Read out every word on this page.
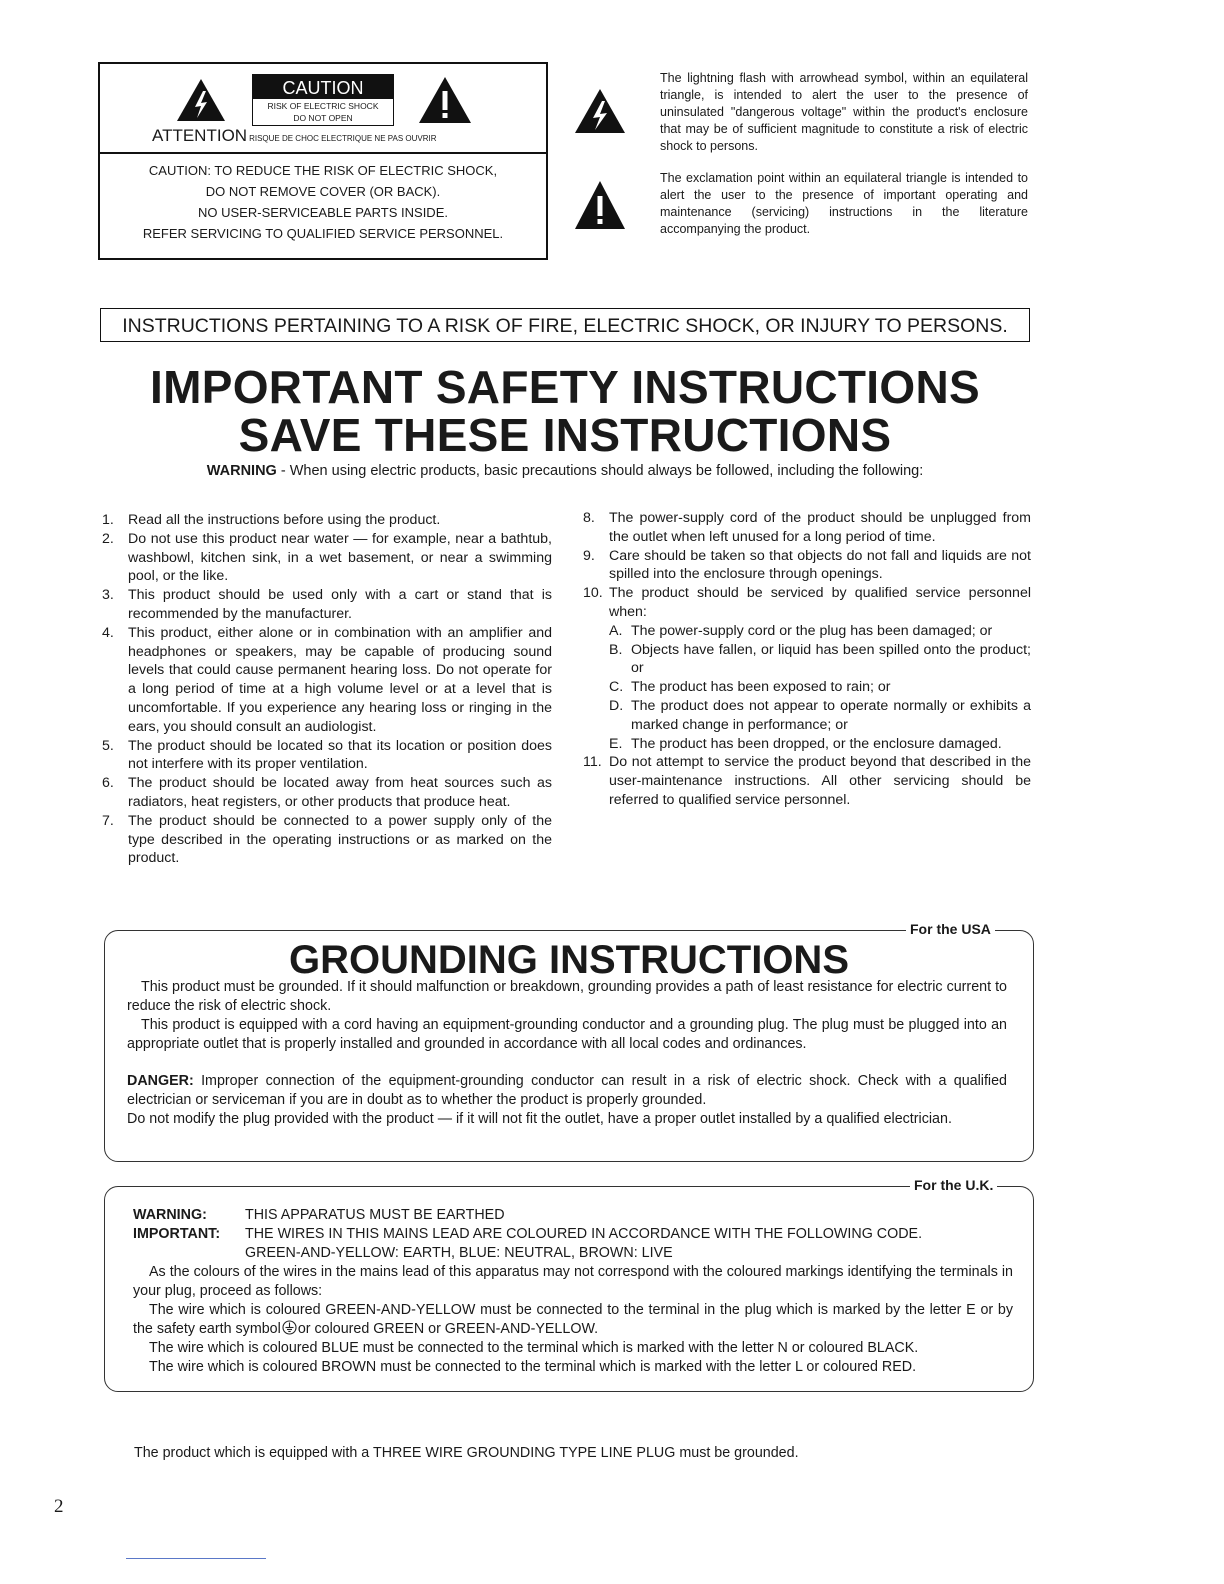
CAUTION
RISK OF ELECTRIC SHOCK
DO NOT OPEN
ATTENTION RISQUE DE CHOC ELECTRIQUE NE PAS OUVRIR
CAUTION: TO REDUCE THE RISK OF ELECTRIC SHOCK,
DO NOT REMOVE COVER (OR BACK).
NO USER-SERVICEABLE PARTS INSIDE.
REFER SERVICING TO QUALIFIED SERVICE PERSONNEL.
The lightning flash with arrowhead symbol, within an equilateral triangle, is intended to alert the user to the presence of uninsulated "dangerous voltage" within the product's enclosure that may be of sufficient magnitude to constitute a risk of electric shock to persons.
The exclamation point within an equilateral triangle is intended to alert the user to the presence of important operating and maintenance (servicing) instructions in the literature accompanying the product.
INSTRUCTIONS PERTAINING TO A RISK OF FIRE, ELECTRIC SHOCK, OR INJURY TO PERSONS.
IMPORTANT SAFETY INSTRUCTIONS
SAVE THESE INSTRUCTIONS
WARNING - When using electric products, basic precautions should always be followed, including the following:
1. Read all the instructions before using the product.
2. Do not use this product near water — for example, near a bathtub, washbowl, kitchen sink, in a wet basement, or near a swimming pool, or the like.
3. This product should be used only with a cart or stand that is recommended by the manufacturer.
4. This product, either alone or in combination with an amplifier and headphones or speakers, may be capable of producing sound levels that could cause permanent hearing loss. Do not operate for a long period of time at a high volume level or at a level that is uncomfortable. If you experience any hearing loss or ringing in the ears, you should consult an audiologist.
5. The product should be located so that its location or position does not interfere with its proper ventilation.
6. The product should be located away from heat sources such as radiators, heat registers, or other products that produce heat.
7. The product should be connected to a power supply only of the type described in the operating instructions or as marked on the product.
8. The power-supply cord of the product should be unplugged from the outlet when left unused for a long period of time.
9. Care should be taken so that objects do not fall and liquids are not spilled into the enclosure through openings.
10. The product should be serviced by qualified service personnel when:
A. The power-supply cord or the plug has been damaged; or
B. Objects have fallen, or liquid has been spilled onto the product; or
C. The product has been exposed to rain; or
D. The product does not appear to operate normally or exhibits a marked change in performance; or
E. The product has been dropped, or the enclosure damaged.
11. Do not attempt to service the product beyond that described in the user-maintenance instructions. All other servicing should be referred to qualified service personnel.
For the USA
GROUNDING INSTRUCTIONS
This product must be grounded. If it should malfunction or breakdown, grounding provides a path of least resistance for electric current to reduce the risk of electric shock.
This product is equipped with a cord having an equipment-grounding conductor and a grounding plug. The plug must be plugged into an appropriate outlet that is properly installed and grounded in accordance with all local codes and ordinances.
DANGER: Improper connection of the equipment-grounding conductor can result in a risk of electric shock. Check with a qualified electrician or serviceman if you are in doubt as to whether the product is properly grounded.
Do not modify the plug provided with the product — if it will not fit the outlet, have a proper outlet installed by a qualified electrician.
For the U.K.
WARNING:	THIS APPARATUS MUST BE EARTHED
IMPORTANT:	THE WIRES IN THIS MAINS LEAD ARE COLOURED IN ACCORDANCE WITH THE FOLLOWING CODE.
GREEN-AND-YELLOW: EARTH, BLUE: NEUTRAL, BROWN: LIVE
As the colours of the wires in the mains lead of this apparatus may not correspond with the coloured markings identifying the terminals in your plug, proceed as follows:
The wire which is coloured GREEN-AND-YELLOW must be connected to the terminal in the plug which is marked by the letter E or by the safety earth symbol or coloured GREEN or GREEN-AND-YELLOW.
The wire which is coloured BLUE must be connected to the terminal which is marked with the letter N or coloured BLACK.
The wire which is coloured BROWN must be connected to the terminal which is marked with the letter L or coloured RED.
The product which is equipped with a THREE WIRE GROUNDING TYPE LINE PLUG must be grounded.
2
